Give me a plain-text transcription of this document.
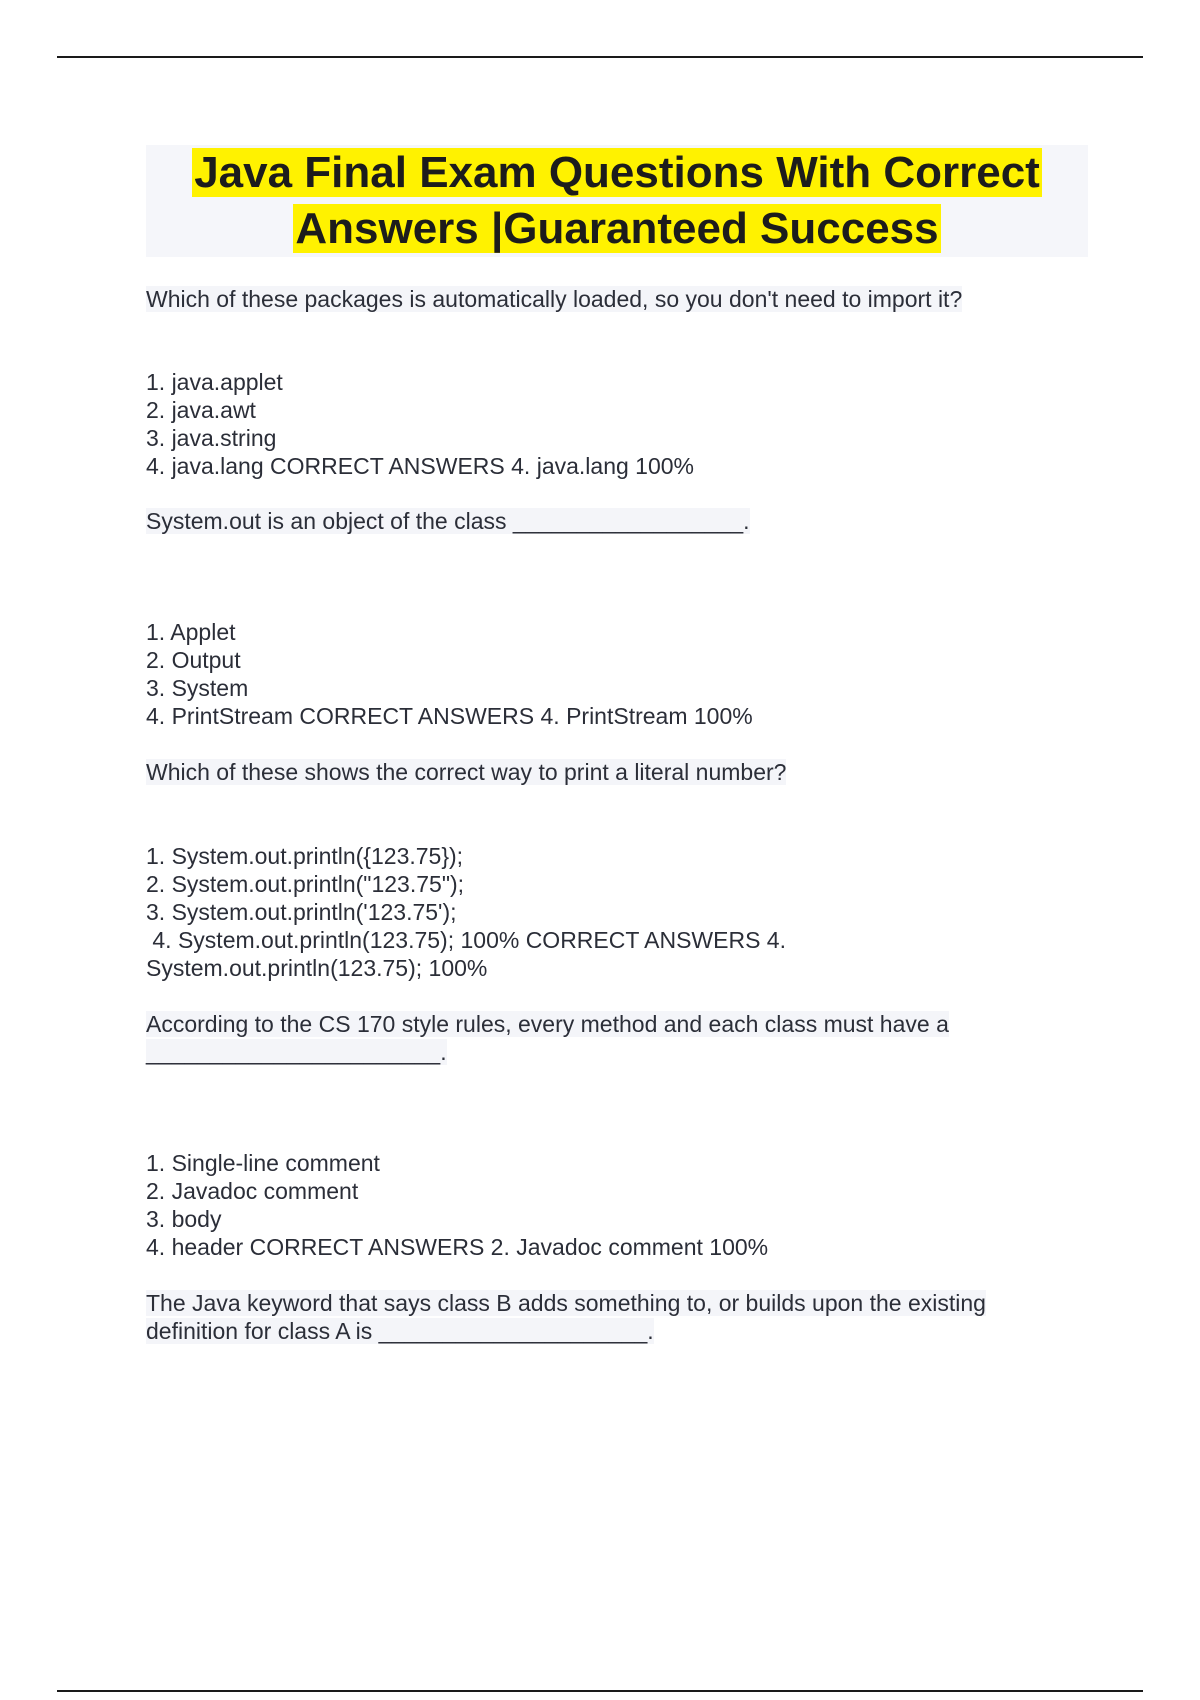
Java Final Exam Questions With Correct

Answers |Guaranteed Success

Which of these packages is automatically loaded, so you don't need to import it?

1. java.applet

2. java.awt

3. java.string

4. java.lang CORRECT ANSWERS 4. java.lang 100%

System.out is an object of the class __________________.

1. Applet

2. Output

3. System

4. PrintStream CORRECT ANSWERS 4. PrintStream 100%

Which of these shows the correct way to print a literal number?

1. System.out.println({123.75});

2. System.out.println("123.75");

3. System.out.println('123.75');

4. System.out.println(123.75); 100% CORRECT ANSWERS 4.

System.out.println(123.75); 100%

According to the CS 170 style rules, every method and each class must have a

_______________________.

1. Single-line comment

2. Javadoc comment

3. body

4. header CORRECT ANSWERS 2. Javadoc comment 100%

The Java keyword that says class B adds something to, or builds upon the existing

definition for class A is _____________________.
